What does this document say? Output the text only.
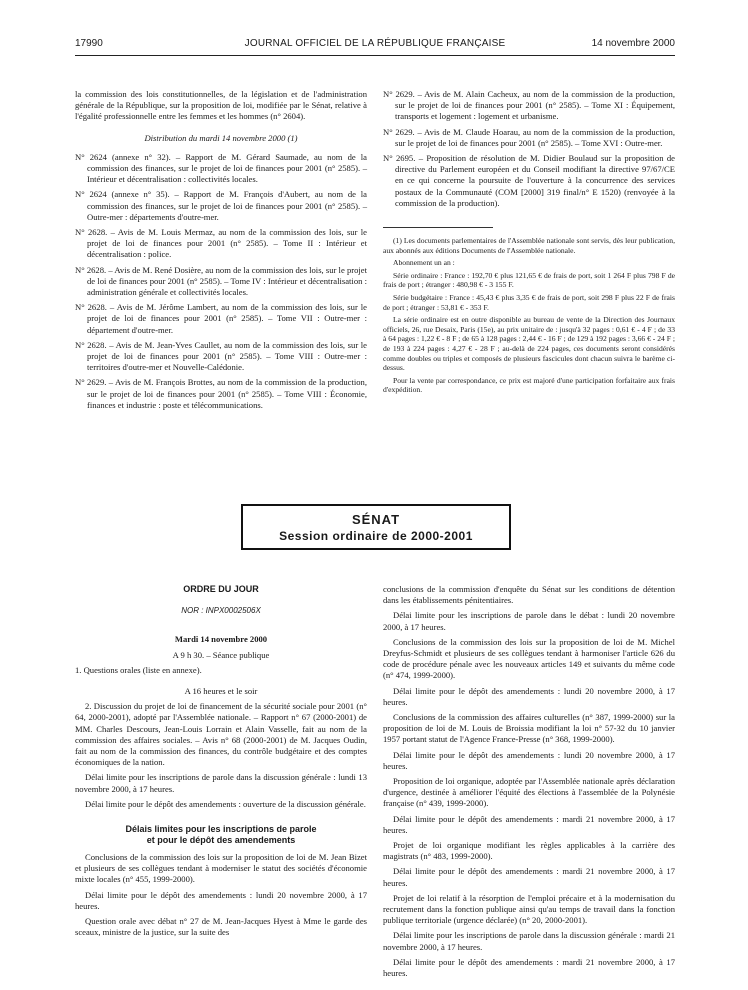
17990	JOURNAL OFFICIEL DE LA RÉPUBLIQUE FRANÇAISE	14 novembre 2000

la commission des lois constitutionnelles, de la législation et de l'administration générale de la République, sur la proposition de loi, modifiée par le Sénat, relative à l'égalité professionnelle entre les femmes et les hommes (n° 2604).

Distribution du mardi 14 novembre 2000 (1)

N° 2624 (annexe n° 32). – Rapport de M. Gérard Saumade, au nom de la commission des finances, sur le projet de loi de finances pour 2001 (n° 2585). – Intérieur et décentralisation : collectivités locales.

N° 2624 (annexe n° 35). – Rapport de M. François d'Aubert, au nom de la commission des finances, sur le projet de loi de finances pour 2001 (n° 2585). – Outre-mer : départements d'outre-mer.

N° 2628. – Avis de M. Louis Mermaz, au nom de la commission des lois, sur le projet de loi de finances pour 2001 (n° 2585). – Tome II : Intérieur et décentralisation : police.

N° 2628. – Avis de M. René Dosière, au nom de la commission des lois, sur le projet de loi de finances pour 2001 (n° 2585). – Tome IV : Intérieur et décentralisation : administration générale et collectivités locales.

N° 2628. – Avis de M. Jérôme Lambert, au nom de la commission des lois, sur le projet de loi de finances pour 2001 (n° 2585). – Tome VII : Outre-mer : département d'outre-mer.

N° 2628. – Avis de M. Jean-Yves Caullet, au nom de la commission des lois, sur le projet de loi de finances pour 2001 (n° 2585). – Tome VIII : Outre-mer : territoires d'outre-mer et Nouvelle-Calédonie.

N° 2629. – Avis de M. François Brottes, au nom de la commission de la production, sur le projet de loi de finances pour 2001 (n° 2585). – Tome VIII : Économie, finances et industrie : poste et télécommunications.

N° 2629. – Avis de M. Alain Cacheux, au nom de la commission de la production, sur le projet de loi de finances pour 2001 (n° 2585). – Tome XI : Équipement, transports et logement : logement et urbanisme.

N° 2629. – Avis de M. Claude Hoarau, au nom de la commission de la production, sur le projet de loi de finances pour 2001 (n° 2585). – Tome XVI : Outre-mer.

N° 2695. – Proposition de résolution de M. Didier Boulaud sur la proposition de directive du Parlement européen et du Conseil modifiant la directive 97/67/CE en ce qui concerne la poursuite de l'ouverture à la concurrence des services postaux de la Communauté (COM [2000] 319 final/n° E 1520) (renvoyée à la commission de la production).

(1) Les documents parlementaires de l'Assemblée nationale sont servis, dès leur publication, aux abonnés aux éditions Documents de l'Assemblée nationale.

Abonnement un an :

Série ordinaire : France : 192,70 € plus 121,65 € de frais de port, soit 1 264 F plus 798 F de frais de port ; étranger : 480,98 € - 3 155 F.

Série budgétaire : France : 45,43 € plus 3,35 € de frais de port, soit 298 F plus 22 F de frais de port ; étranger : 53,81 € - 353 F.

La série ordinaire est en outre disponible au bureau de vente de la Direction des Journaux officiels, 26, rue Desaix, Paris (15e), au prix unitaire de : jusqu'à 32 pages : 0,61 € - 4 F ; de 33 à 64 pages : 1,22 € - 8 F ; de 65 à 128 pages : 2,44 € - 16 F ; de 129 à 192 pages : 3,66 € - 24 F ; de 193 à 224 pages : 4,27 € - 28 F ; au-delà de 224 pages, ces documents seront considérés comme doubles ou triples et composés de plusieurs fascicules dont chacun suivra le barème ci-dessus.

Pour la vente par correspondance, ce prix est majoré d'une participation forfaitaire aux frais d'expédition.

SÉNAT
Session ordinaire de 2000-2001

ORDRE DU JOUR

NOR : INPX0002506X

Mardi 14 novembre 2000

A 9 h 30. – Séance publique

1. Questions orales (liste en annexe).

A 16 heures et le soir

2. Discussion du projet de loi de financement de la sécurité sociale pour 2001 (n° 64, 2000-2001), adopté par l'Assemblée nationale. – Rapport n° 67 (2000-2001) de MM. Charles Descours, Jean-Louis Lorrain et Alain Vasselle, fait au nom de la commission des affaires sociales. – Avis n° 68 (2000-2001) de M. Jacques Oudin, fait au nom de la commission des finances, du contrôle budgétaire et des comptes économiques de la nation.

Délai limite pour les inscriptions de parole dans la discussion générale : lundi 13 novembre 2000, à 17 heures.

Délai limite pour le dépôt des amendements : ouverture de la discussion générale.

Délais limites pour les inscriptions de parole
et pour le dépôt des amendements

Conclusions de la commission des lois sur la proposition de loi de M. Jean Bizet et plusieurs de ses collègues tendant à moderniser le statut des sociétés d'économie mixte locales (n° 455, 1999-2000).

Délai limite pour le dépôt des amendements : lundi 20 novembre 2000, à 17 heures.

Question orale avec débat n° 27 de M. Jean-Jacques Hyest à Mme le garde des sceaux, ministre de la justice, sur la suite des

conclusions de la commission d'enquête du Sénat sur les conditions de détention dans les établissements pénitentiaires.

Délai limite pour les inscriptions de parole dans le débat : lundi 20 novembre 2000, à 17 heures.

Conclusions de la commission des lois sur la proposition de loi de M. Michel Dreyfus-Schmidt et plusieurs de ses collègues tendant à harmoniser l'article 626 du code de procédure pénale avec les nouveaux articles 149 et suivants du même code (n° 474, 1999-2000).

Délai limite pour le dépôt des amendements : lundi 20 novembre 2000, à 17 heures.

Conclusions de la commission des affaires culturelles (n° 387, 1999-2000) sur la proposition de loi de M. Louis de Broissia modifiant la loi n° 57-32 du 10 janvier 1957 portant statut de l'Agence France-Presse (n° 368, 1999-2000).

Délai limite pour le dépôt des amendements : lundi 20 novembre 2000, à 17 heures.

Proposition de loi organique, adoptée par l'Assemblée nationale après déclaration d'urgence, destinée à améliorer l'équité des élections à l'assemblée de la Polynésie française (n° 439, 1999-2000).

Délai limite pour le dépôt des amendements : mardi 21 novembre 2000, à 17 heures.

Projet de loi organique modifiant les règles applicables à la carrière des magistrats (n° 483, 1999-2000).

Délai limite pour le dépôt des amendements : mardi 21 novembre 2000, à 17 heures.

Projet de loi relatif à la résorption de l'emploi précaire et à la modernisation du recrutement dans la fonction publique ainsi qu'au temps de travail dans la fonction publique territoriale (urgence déclarée) (n° 20, 2000-2001).

Délai limite pour les inscriptions de parole dans la discussion générale : mardi 21 novembre 2000, à 17 heures.

Délai limite pour le dépôt des amendements : mardi 21 novembre 2000, à 17 heures.
